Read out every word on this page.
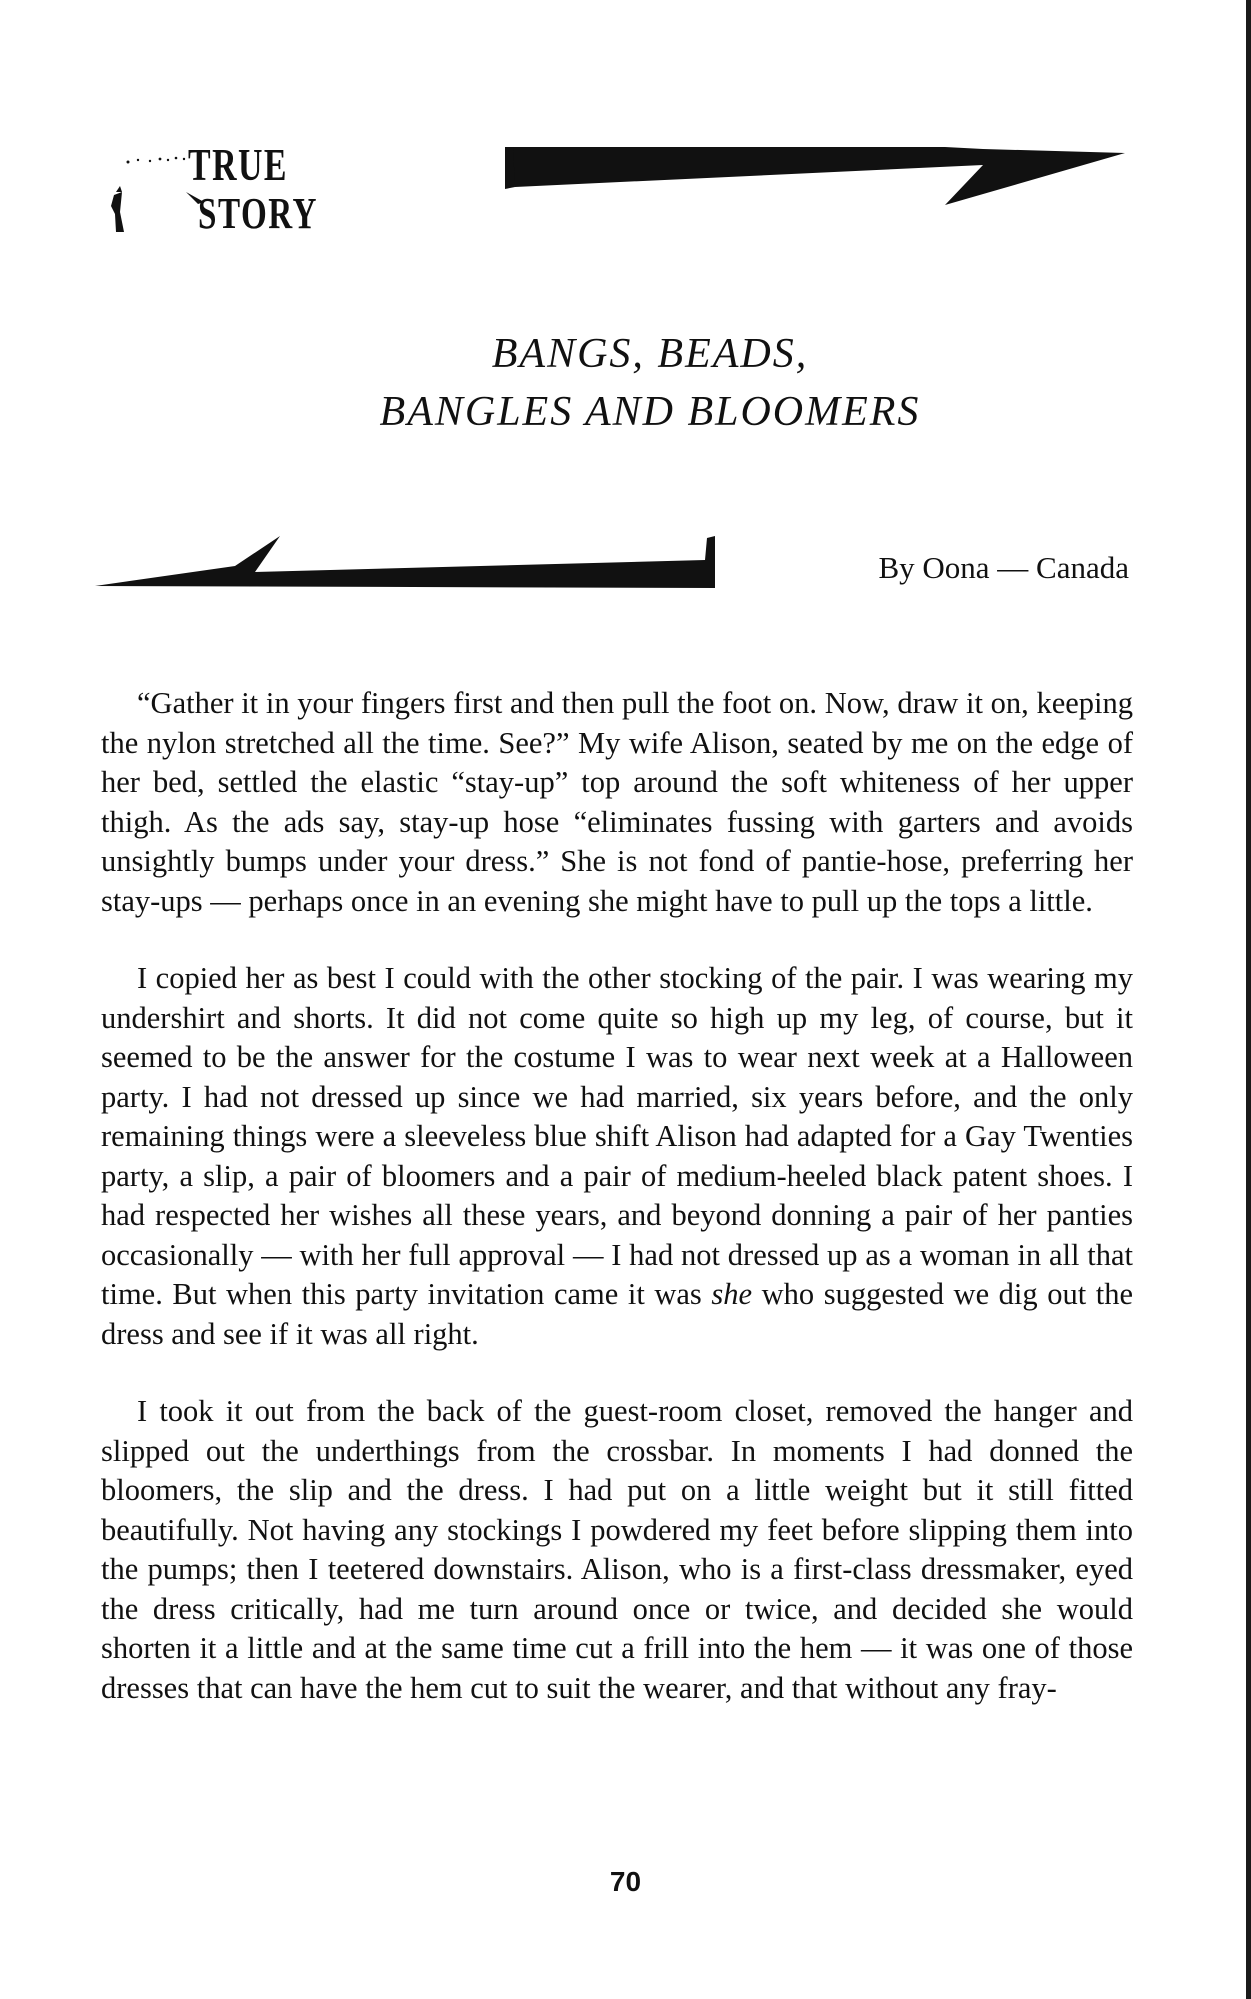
TRUE
STORY
BANGS, BEADS,
BANGLES AND BLOOMERS
By Oona — Canada

“Gather it in your fingers first and then pull the foot on. Now, draw it on, keeping the nylon stretched all the time. See?” My wife Alison, seated by me on the edge of her bed, settled the elastic “stay-up” top around the soft whiteness of her upper thigh. As the ads say, stay-up hose “eliminates fussing with garters and avoids unsightly bumps under your dress.” She is not fond of pantie-hose, preferring her stay-ups — perhaps once in an evening she might have to pull up the tops a little.

I copied her as best I could with the other stocking of the pair. I was wearing my undershirt and shorts. It did not come quite so high up my leg, of course, but it seemed to be the answer for the costume I was to wear next week at a Halloween party. I had not dressed up since we had married, six years before, and the only remaining things were a sleeveless blue shift Alison had adapted for a Gay Twenties party, a slip, a pair of bloomers and a pair of medium-heeled black patent shoes. I had respected her wishes all these years, and beyond donning a pair of her panties occasionally — with her full approval — I had not dressed up as a woman in all that time. But when this party invitation came it was she who suggested we dig out the dress and see if it was all right.

I took it out from the back of the guest-room closet, removed the hanger and slipped out the underthings from the crossbar. In moments I had donned the bloomers, the slip and the dress. I had put on a little weight but it still fitted beautifully. Not having any stockings I powdered my feet before slipping them into the pumps; then I teetered downstairs. Alison, who is a first-class dressmaker, eyed the dress critically, had me turn around once or twice, and decided she would shorten it a little and at the same time cut a frill into the hem — it was one of those dresses that can have the hem cut to suit the wearer, and that without any fray-

70
